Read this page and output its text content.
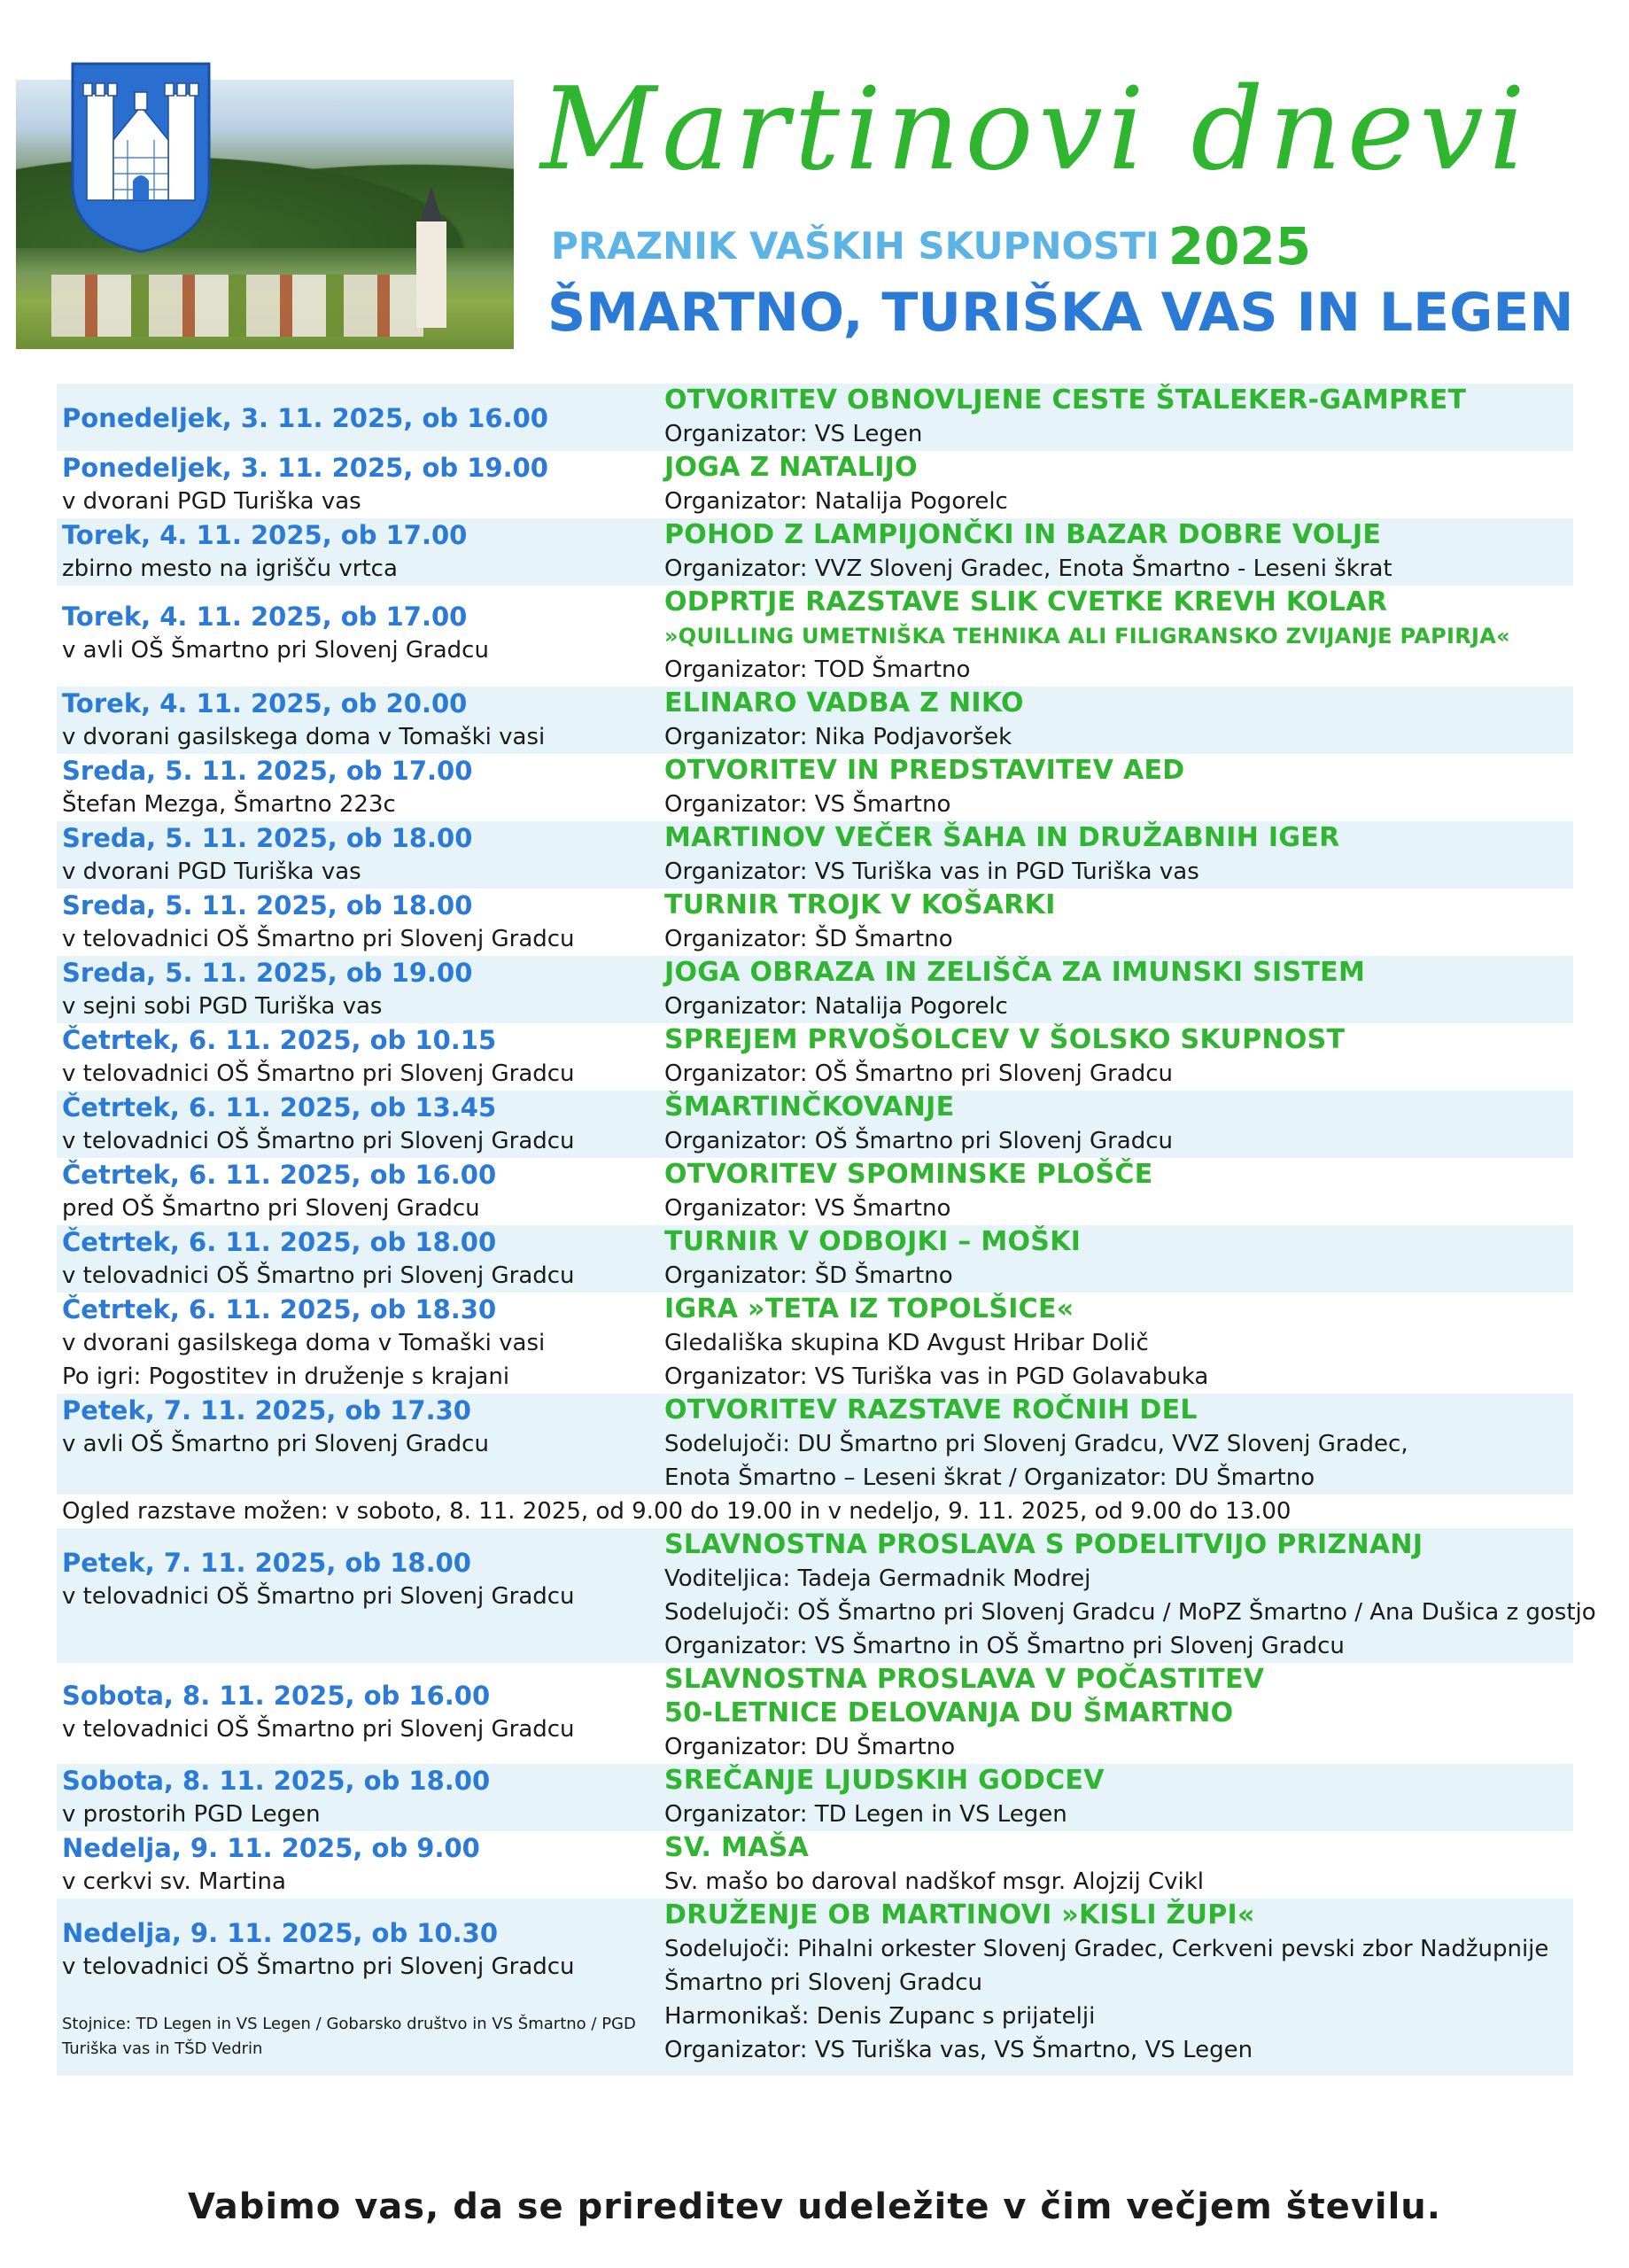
Martinovi dnevi
PRAZNIK VAŠKIH SKUPNOSTI 2025
ŠMARTNO, TURIŠKA VAS IN LEGEN
Ponedeljek, 3. 11. 2025, ob 16.00
OTVORITEV OBNOVLJENE CESTE ŠTALEKER-GAMPRET
Organizator: VS Legen
Ponedeljek, 3. 11. 2025, ob 19.00
v dvorani PGD Turiška vas
JOGA Z NATALIJO
Organizator: Natalija Pogorelc
Torek, 4. 11. 2025, ob 17.00
zbirno mesto na igrišču vrtca
POHOD Z LAMPIJONČKI IN BAZAR DOBRE VOLJE
Organizator: VVZ Slovenj Gradec, Enota Šmartno - Leseni škrat
Torek, 4. 11. 2025, ob 17.00
v avli OŠ Šmartno pri Slovenj Gradcu
ODPRTJE RAZSTAVE SLIK CVETKE KREVH KOLAR
»QUILLING UMETNIŠKA TEHNIKA ALI FILIGRANSKO ZVIJANJE PAPIRJA«
Organizator: TOD Šmartno
Torek, 4. 11. 2025, ob 20.00
v dvorani gasilskega doma v Tomaški vasi
ELINARO VADBA Z NIKO
Organizator: Nika Podjavoršek
Sreda, 5. 11. 2025, ob 17.00
Štefan Mezga, Šmartno 223c
OTVORITEV IN PREDSTAVITEV AED
Organizator: VS Šmartno
Sreda, 5. 11. 2025, ob 18.00
v dvorani PGD Turiška vas
MARTINOV VEČER ŠAHA IN DRUŽABNIH IGER
Organizator: VS Turiška vas in PGD Turiška vas
Sreda, 5. 11. 2025, ob 18.00
v telovadnici OŠ Šmartno pri Slovenj Gradcu
TURNIR TROJK V KOŠARKI
Organizator: ŠD Šmartno
Sreda, 5. 11. 2025, ob 19.00
v sejni sobi PGD Turiška vas
JOGA OBRAZA IN ZELIŠČA ZA IMUNSKI SISTEM
Organizator: Natalija Pogorelc
Četrtek, 6. 11. 2025, ob 10.15
v telovadnici OŠ Šmartno pri Slovenj Gradcu
SPREJEM PRVOŠOLCEV V ŠOLSKO SKUPNOST
Organizator: OŠ Šmartno pri Slovenj Gradcu
Četrtek, 6. 11. 2025, ob 13.45
v telovadnici OŠ Šmartno pri Slovenj Gradcu
ŠMARTINČKOVANJE
Organizator: OŠ Šmartno pri Slovenj Gradcu
Četrtek, 6. 11. 2025, ob 16.00
pred OŠ Šmartno pri Slovenj Gradcu
OTVORITEV SPOMINSKE PLOŠČE
Organizator: VS Šmartno
Četrtek, 6. 11. 2025, ob 18.00
v telovadnici OŠ Šmartno pri Slovenj Gradcu
TURNIR V ODBOJKI – MOŠKI
Organizator: ŠD Šmartno
Četrtek, 6. 11. 2025, ob 18.30
v dvorani gasilskega doma v Tomaški vasi
Po igri: Pogostitev in druženje s krajani
IGRA »TETA IZ TOPOLŠICE«
Gledališka skupina KD Avgust Hribar Dolič
Organizator: VS Turiška vas in PGD Golavabuka
Petek, 7. 11. 2025, ob 17.30
v avli OŠ Šmartno pri Slovenj Gradcu
OTVORITEV RAZSTAVE ROČNIH DEL
Sodelujoči: DU Šmartno pri Slovenj Gradcu, VVZ Slovenj Gradec,
Enota Šmartno – Leseni škrat / Organizator: DU Šmartno
Ogled razstave možen: v soboto, 8. 11. 2025, od 9.00 do 19.00 in v nedeljo, 9. 11. 2025, od 9.00 do 13.00
Petek, 7. 11. 2025, ob 18.00
v telovadnici OŠ Šmartno pri Slovenj Gradcu
SLAVNOSTNA PROSLAVA S PODELITVIJO PRIZNANJ
Voditeljica: Tadeja Germadnik Modrej
Sodelujoči: OŠ Šmartno pri Slovenj Gradcu / MoPZ Šmartno / Ana Dušica z gostjo
Organizator: VS Šmartno in OŠ Šmartno pri Slovenj Gradcu
Sobota, 8. 11. 2025, ob 16.00
v telovadnici OŠ Šmartno pri Slovenj Gradcu
SLAVNOSTNA PROSLAVA V POČASTITEV
50-LETNICE DELOVANJA DU ŠMARTNO
Organizator: DU Šmartno
Sobota, 8. 11. 2025, ob 18.00
v prostorih PGD Legen
SREČANJE LJUDSKIH GODCEV
Organizator: TD Legen in VS Legen
Nedelja, 9. 11. 2025, ob 9.00
v cerkvi sv. Martina
SV. MAŠA
Sv. mašo bo daroval nadškof msgr. Alojzij Cvikl
Nedelja, 9. 11. 2025, ob 10.30
v telovadnici OŠ Šmartno pri Slovenj Gradcu
Stojnice: TD Legen in VS Legen / Gobarsko društvo in VS Šmartno / PGD Turiška vas in TŠD Vedrin
DRUŽENJE OB MARTINOVI »KISLI ŽUPI«
Sodelujoči: Pihalni orkester Slovenj Gradec, Cerkveni pevski zbor Nadžupnije
Šmartno pri Slovenj Gradcu
Harmonikaš: Denis Zupanc s prijatelji
Organizator: VS Turiška vas, VS Šmartno, VS Legen
Vabimo vas, da se prireditev udeležite v čim večjem številu.
